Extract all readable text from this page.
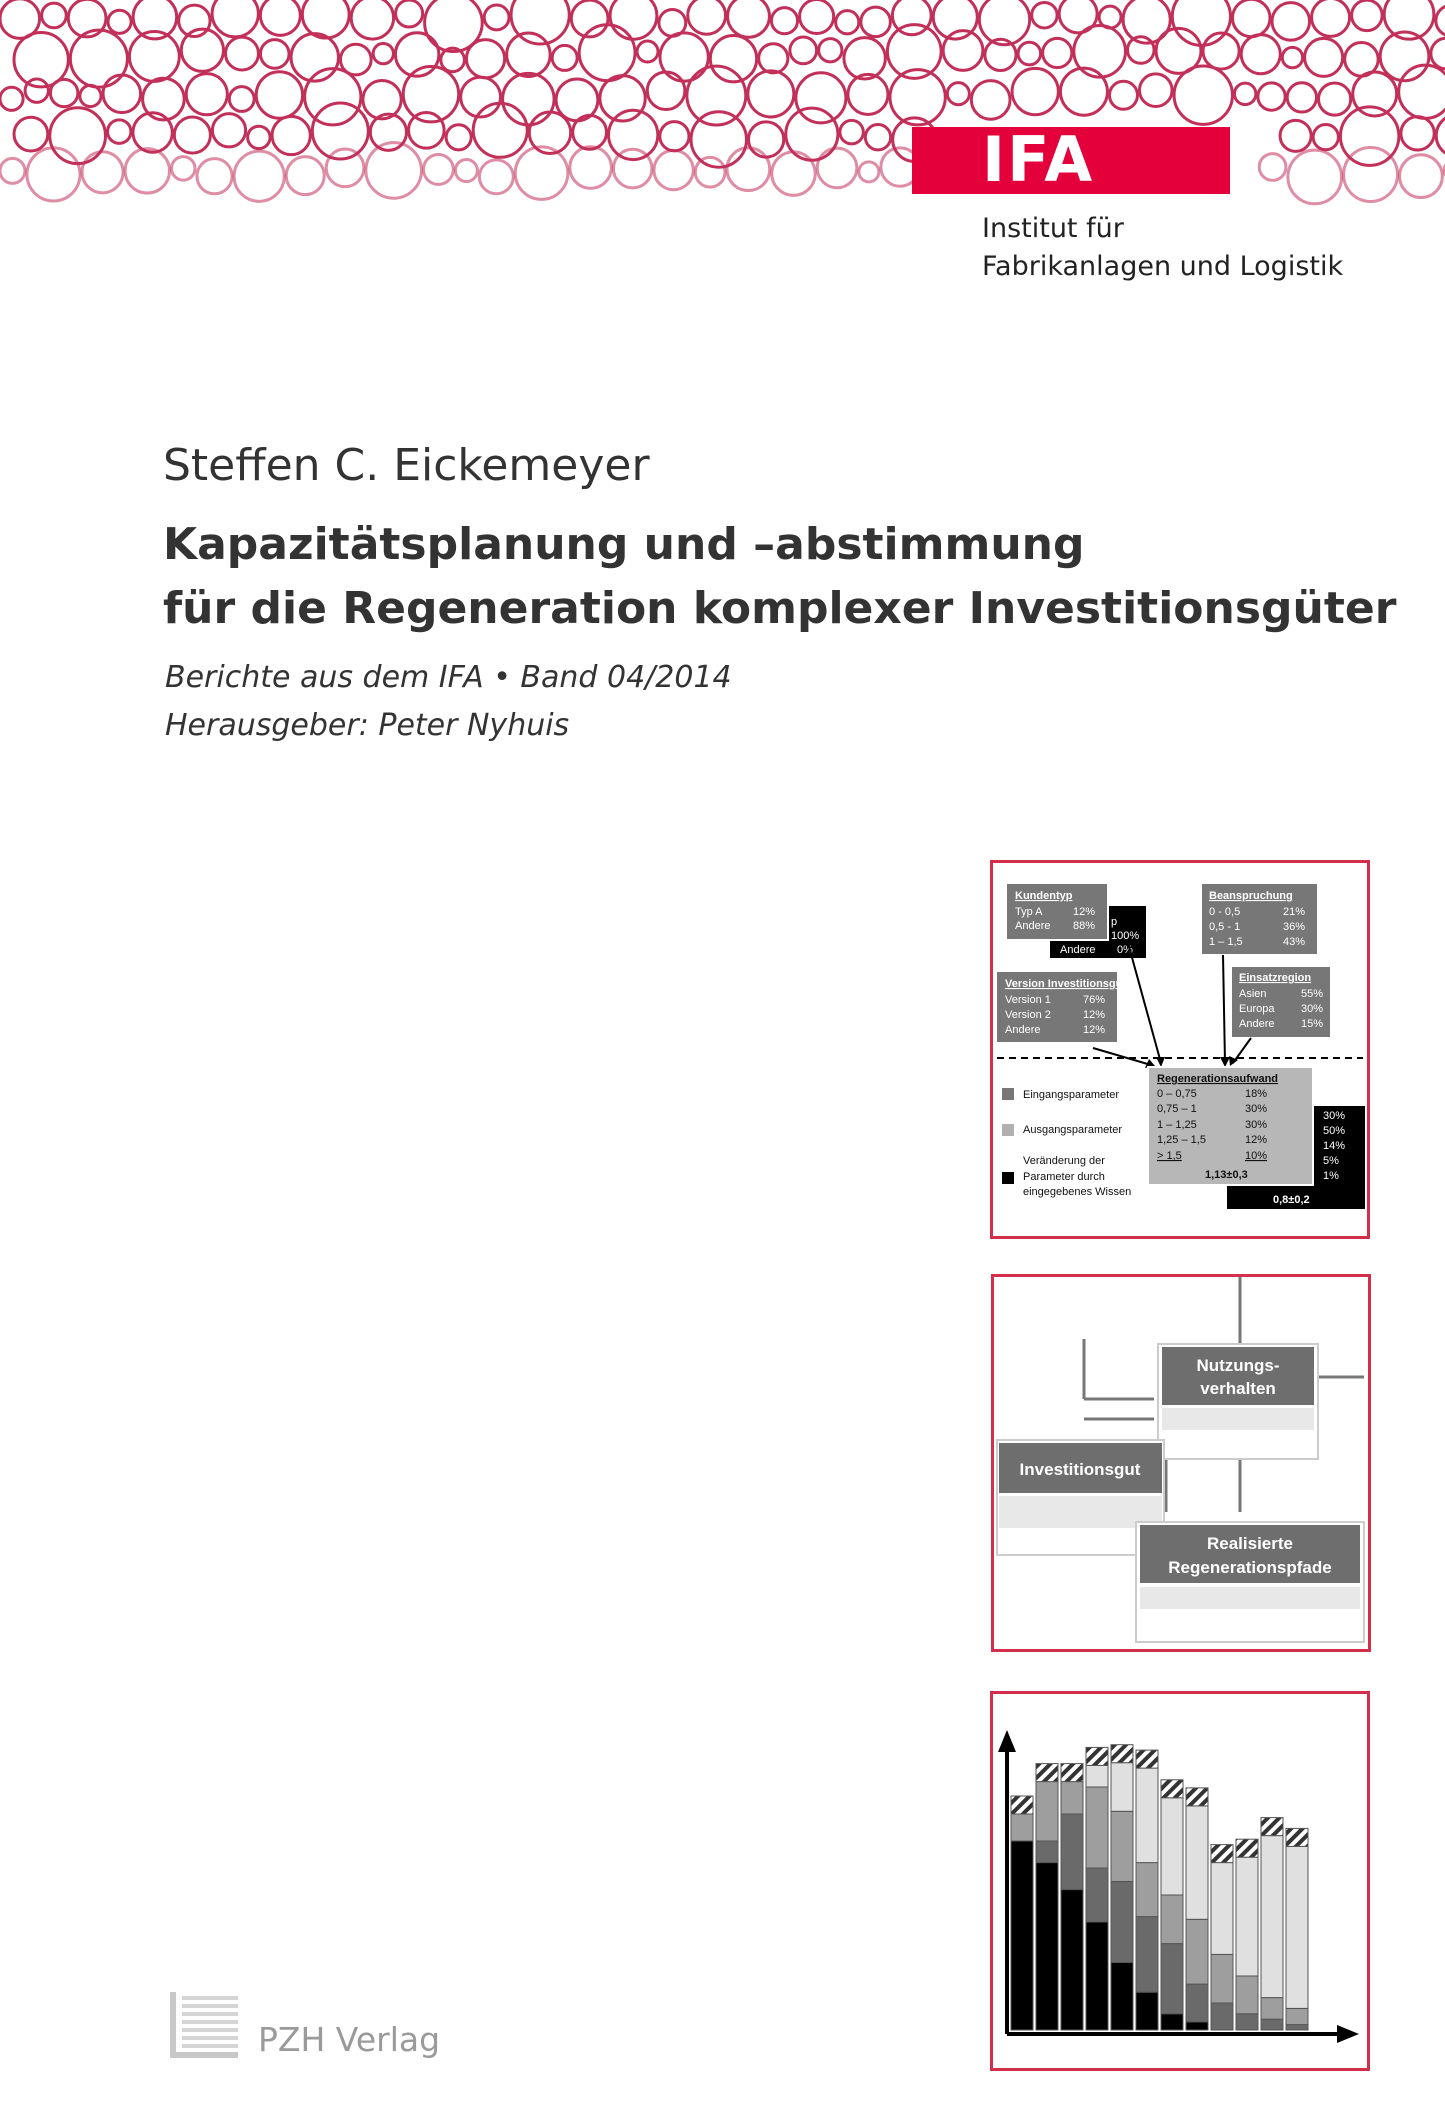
IFA
Institut für
Fabrikanlagen und Logistik
Steffen C. Eickemeyer
Kapazitätsplanung und –abstimmung
für die Regeneration komplexer Investitionsgüter
Berichte aus dem IFA • Band 04/2014
Herausgeber: Peter Nyhuis
p
100%
Andere 0%
Kundentyp
Typ A	12%
Andere 88%
Beanspruchung
0 - 0,5	21%
0,5 - 1	36%
1 – 1,5	43%
Version Investitionsgut
Version 1	76%
Version 2	12%
Andere	12%
Einsatzregion
Asien	55%
Europa 30%
Andere 15%
30%
50%
14%
5%
1%
0,8±0,2
Regenerationsaufwand
0 – 0,75	18%
0,75 – 1	30%
1 – 1,25	30%
1,25 – 1,5	12%
> 1,5	10%
1,13±0,3
Eingangsparameter
Ausgangsparameter
Veränderung der
Parameter durch
eingegebenes Wissen
Nutzungs-
verhalten
Investitionsgut
Realisierte
Regenerationspfade
PZH Verlag
